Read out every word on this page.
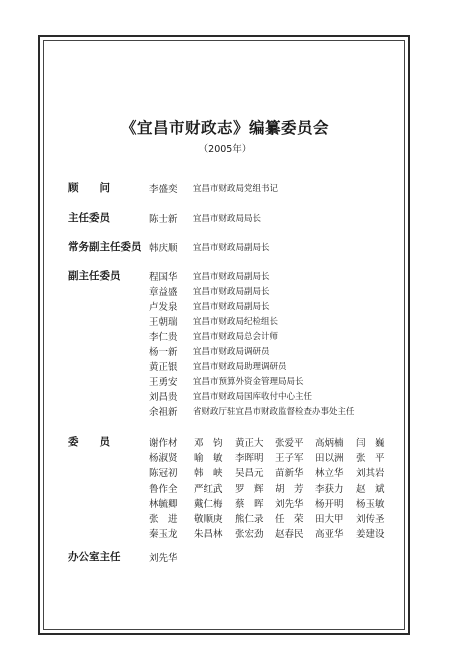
《宜昌市财政志》编纂委员会
（2005年）
顾　　问	李盛奕 宜昌市财政局党组书记
主任委员	陈士新 宜昌市财政局局长
常务副主任委员 韩庆顺 宜昌市财政局副局长
副主任委员	程国华 宜昌市财政局副局长
章益盛 宜昌市财政局副局长
卢发泉 宜昌市财政局副局长
王朝瑞 宜昌市财政局纪检组长
李仁贵 宜昌市财政局总会计师
杨一新 宜昌市财政局调研员
黄正银 宜昌市财政局助理调研员
王勇安 宜昌市预算外资金管理局局长
刘昌贵 宜昌市财政局国库收付中心主任
余祖新 省财政厅驻宜昌市财政监督检查办事处主任
委　　员	谢作材 邓　钧 黄正大 张爱平 高炳楠 闫　巍
杨淑贤 喻　敏 李晖明 王子军 田以洲 张　平
陈冠初 韩　峡 吴昌元 苗新华 林立华 刘其岩
鲁作全 严红武 罗　辉 胡　芳 李获力 赵　斌
林毓卿 戴仁梅 蔡　晖 刘先华 杨开明 杨玉敏
张　进 敬顺庚 熊仁录 任　荣 田大甲 刘传圣
秦玉龙 朱昌林 张宏劲 赵春民 高亚华 姜建设
办公室主任	刘先华
